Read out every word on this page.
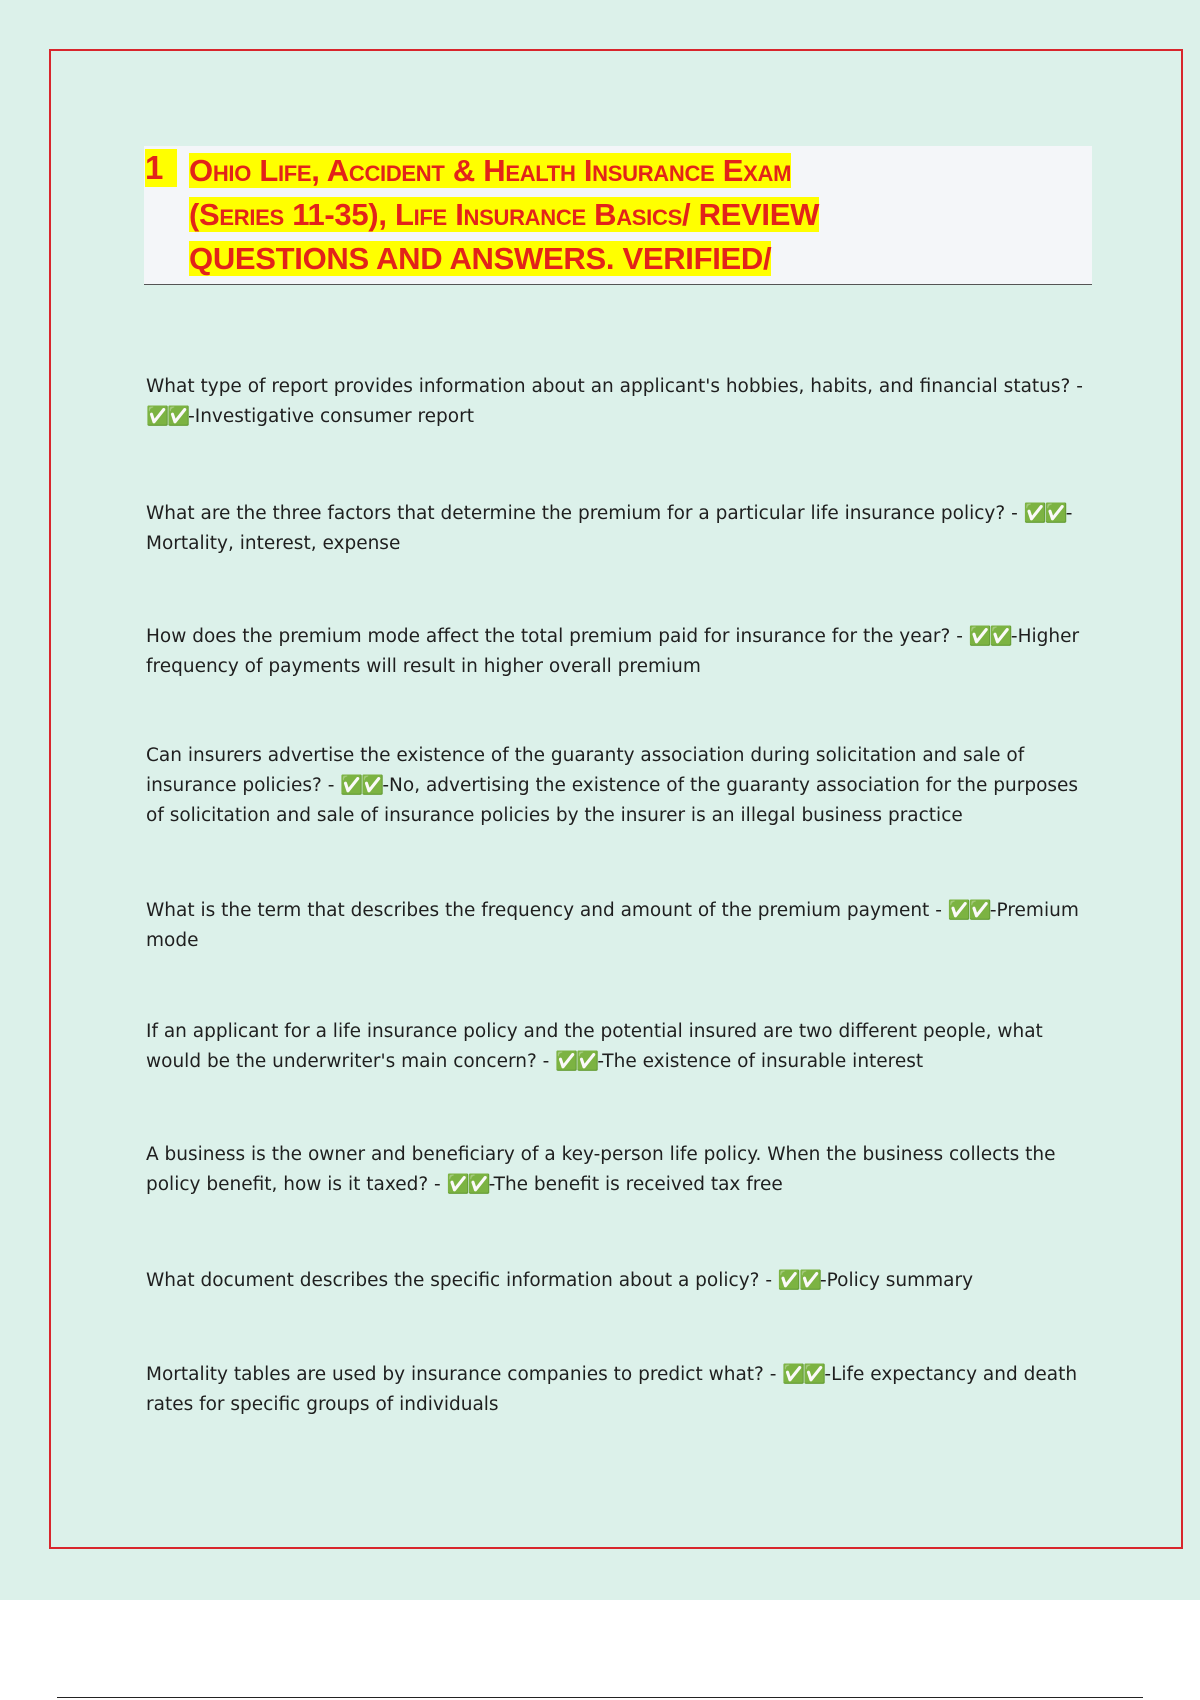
1 Ohio Life, Accident & Health Insurance Exam
(Series 11-35), Life Insurance Basics/ REVIEW
QUESTIONS AND ANSWERS. VERIFIED/
What type of report provides information about an applicant's hobbies, habits, and financial status? - ✅✅-Investigative consumer report
What are the three factors that determine the premium for a particular life insurance policy? - ✅✅-Mortality, interest, expense
How does the premium mode affect the total premium paid for insurance for the year? - ✅✅-Higher frequency of payments will result in higher overall premium
Can insurers advertise the existence of the guaranty association during solicitation and sale of insurance policies? - ✅✅-No, advertising the existence of the guaranty association for the purposes of solicitation and sale of insurance policies by the insurer is an illegal business practice
What is the term that describes the frequency and amount of the premium payment - ✅✅-Premium mode
If an applicant for a life insurance policy and the potential insured are two different people, what would be the underwriter's main concern? - ✅✅-The existence of insurable interest
A business is the owner and beneficiary of a key-person life policy. When the business collects the policy benefit, how is it taxed? - ✅✅-The benefit is received tax free
What document describes the specific information about a policy? - ✅✅-Policy summary
Mortality tables are used by insurance companies to predict what? - ✅✅-Life expectancy and death rates for specific groups of individuals
